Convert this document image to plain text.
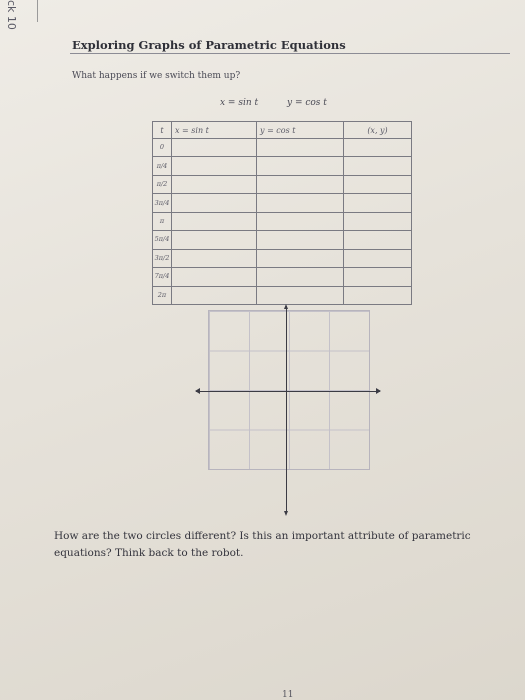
ck 10
Exploring Graphs of Parametric Equations
What happens if we switch them up?
x = sin t	y = cos t
t	x = sin t	y = cos t	(x, y)
0			
π/4			
π/2			
3π/4			
π			
5π/4			
3π/2			
7π/4			
2π			
How are the two circles different? Is this an important attribute of parametric equations? Think back to the robot.
11
